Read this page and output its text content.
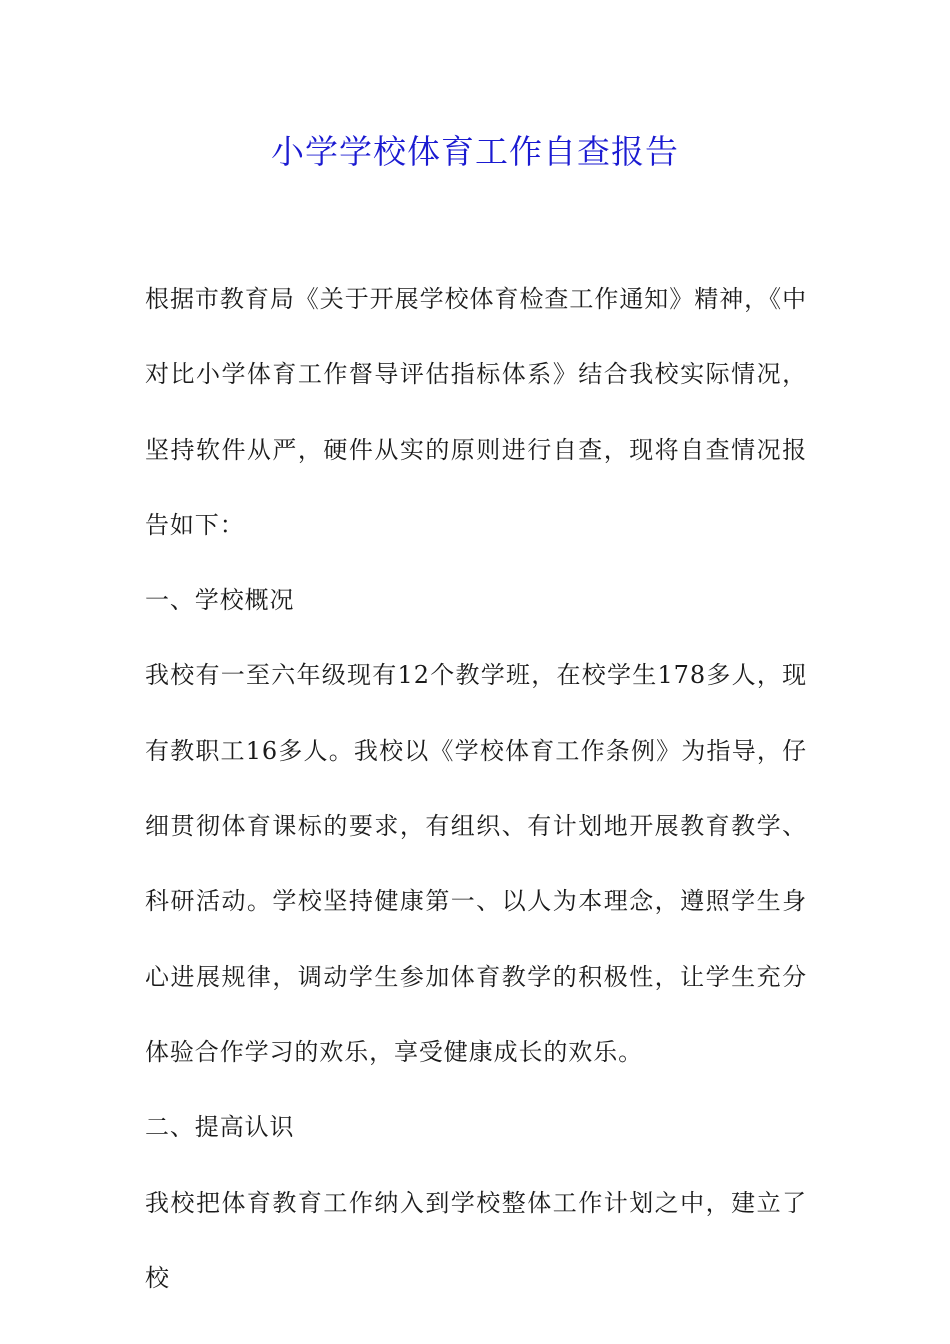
小学学校体育工作自查报告

根据市教育局《关于开展学校体育检查工作通知》精神，《中对比小学体育工作督导评估指标体系》结合我校实际情况，坚持软件从严，硬件从实的原则进行自查，现将自查情况报告如下：

一、学校概况

我校有一至六年级现有12个教学班，在校学生178多人，现有教职工16多人。我校以《学校体育工作条例》为指导，仔细贯彻体育课标的要求，有组织、有计划地开展教育教学、科研活动。学校坚持健康第一、以人为本理念，遵照学生身心进展规律，调动学生参加体育教学的积极性，让学生充分体验合作学习的欢乐，享受健康成长的欢乐。

二、提高认识

我校把体育教育工作纳入到学校整体工作计划之中，建立了校
